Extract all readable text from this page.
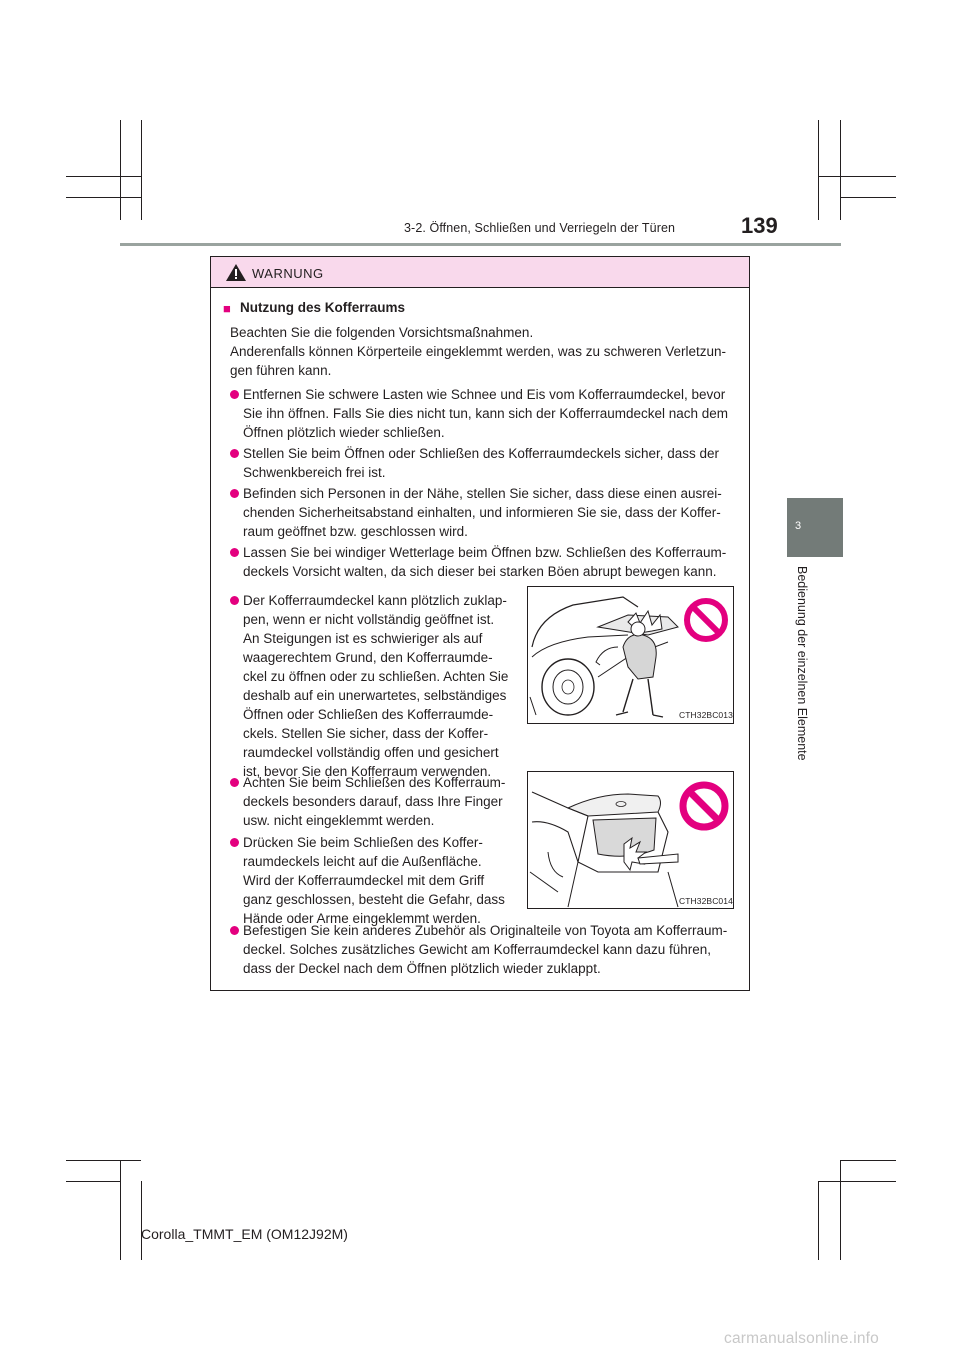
3-2. Öffnen, Schließen und Verriegeln der Türen	139
3
Bedienung der einzelnen Elemente
WARNUNG
■ Nutzung des Kofferraums
Beachten Sie die folgenden Vorsichtsmaßnahmen.
Anderenfalls können Körperteile eingeklemmt werden, was zu schweren Verletzun-
gen führen kann.
Entfernen Sie schwere Lasten wie Schnee und Eis vom Kofferraumdeckel, bevor
Sie ihn öffnen. Falls Sie dies nicht tun, kann sich der Kofferraumdeckel nach dem
Öffnen plötzlich wieder schließen.
Stellen Sie beim Öffnen oder Schließen des Kofferraumdeckels sicher, dass der
Schwenkbereich frei ist.
Befinden sich Personen in der Nähe, stellen Sie sicher, dass diese einen ausrei-
chenden Sicherheitsabstand einhalten, und informieren Sie sie, dass der Koffer-
raum geöffnet bzw. geschlossen wird.
Lassen Sie bei windiger Wetterlage beim Öffnen bzw. Schließen des Kofferraum-
deckels Vorsicht walten, da sich dieser bei starken Böen abrupt bewegen kann.
Der Kofferraumdeckel kann plötzlich zuklap-
pen, wenn er nicht vollständig geöffnet ist.
An Steigungen ist es schwieriger als auf
waagerechtem Grund, den Kofferraumde-
ckel zu öffnen oder zu schließen. Achten Sie
deshalb auf ein unerwartetes, selbständiges
Öffnen oder Schließen des Kofferraumde-
ckels. Stellen Sie sicher, dass der Koffer-
raumdeckel vollständig offen und gesichert
ist, bevor Sie den Kofferraum verwenden.
CTH32BC013
Achten Sie beim Schließen des Kofferraum-
deckels besonders darauf, dass Ihre Finger
usw. nicht eingeklemmt werden.
Drücken Sie beim Schließen des Koffer-
raumdeckels leicht auf die Außenfläche.
Wird der Kofferraumdeckel mit dem Griff
ganz geschlossen, besteht die Gefahr, dass
Hände oder Arme eingeklemmt werden.
CTH32BC014
Befestigen Sie kein anderes Zubehör als Originalteile von Toyota am Kofferraum-
deckel. Solches zusätzliches Gewicht am Kofferraumdeckel kann dazu führen,
dass der Deckel nach dem Öffnen plötzlich wieder zuklappt.
Corolla_TMMT_EM (OM12J92M)
carmanualsonline.info
